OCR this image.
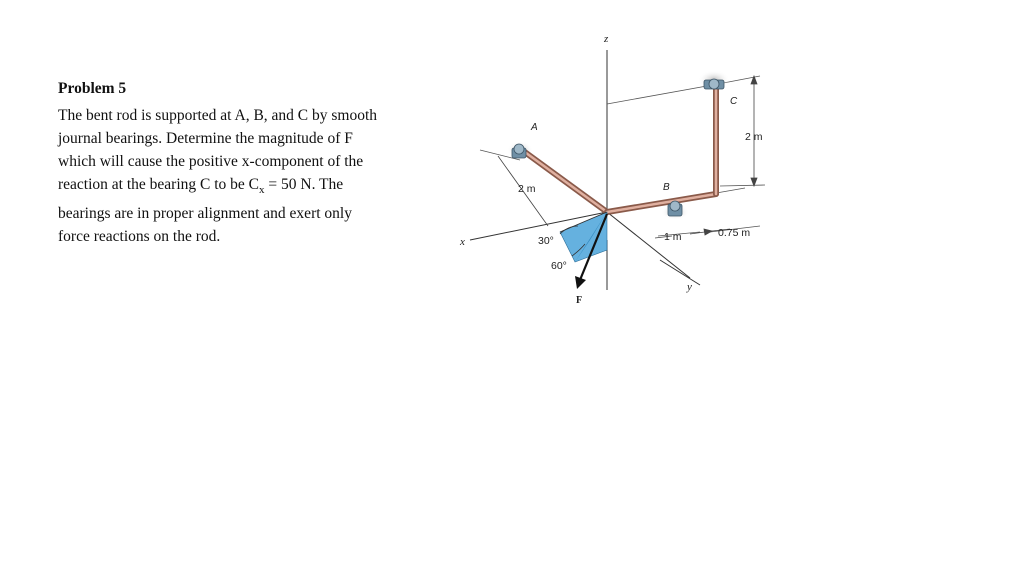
Problem 5

The bent rod is supported at A, B, and C by smooth
journal bearings. Determine the magnitude of F
which will cause the positive x-component of the
reaction at the bearing C to be $C_x = 50$ N. The
bearings are in proper alignment and exert only
force reactions on the rod.

z
x
y
2 m
2 m
1 m	0.75 m
A
B
C
F
30°
60°
